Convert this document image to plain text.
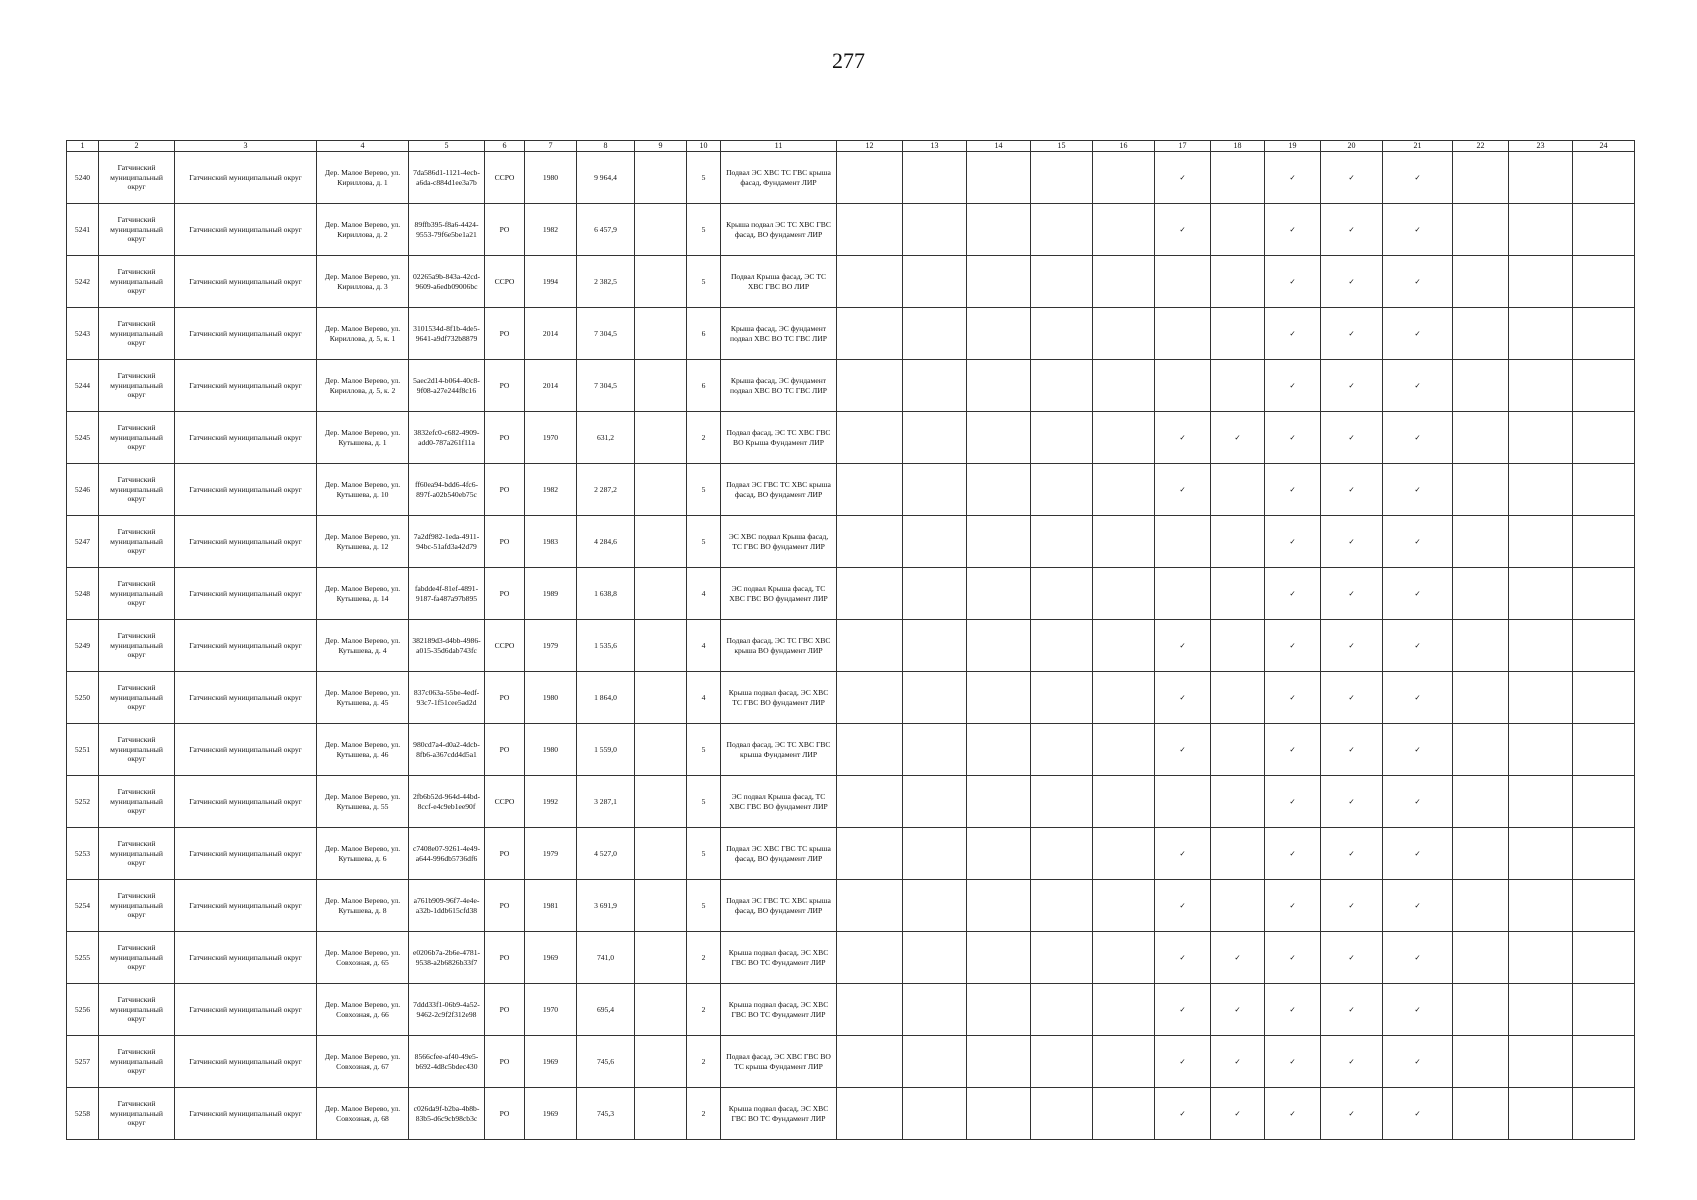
277
1	2	3	4	5	6	7	8	9	10	11	12	13	14	15	16	17	18	19	20	21	22	23	24
5240	Гатчинский муниципальный округ	Гатчинский муниципальный округ	Дер. Малое Верево, ул. Кириллова, д. 1	7da586d1-1121-4ecb-a6da-c884d1ee3a7b	СCPO	1980	9 964,4		5	Подвал ЭС ХВС ТС ГВС крыша фасад, Фундамент ЛИР						✓		✓	✓	✓			
5241	Гатчинский муниципальный округ	Гатчинский муниципальный округ	Дер. Малое Верево, ул. Кириллова, д. 2	89ffb395-f8a6-4424-9553-79f6e5be1a21	РО	1982	6 457,9		5	Крыша подвал ЭС ТС ХВС ГВС фасад, ВО фундамент ЛИР						✓		✓	✓	✓			
5242	Гатчинский муниципальный округ	Гатчинский муниципальный округ	Дер. Малое Верево, ул. Кириллова, д. 3	02265a9b-843a-42cd-9609-a6edb09006bc	СCPO	1994	2 382,5		5	Подвал Крыша фасад, ЭС ТС ХВС ГВС ВО ЛИР								✓	✓	✓			
5243	Гатчинский муниципальный округ	Гатчинский муниципальный округ	Дер. Малое Верево, ул. Кириллова, д. 5, к. 1	3101534d-8f1b-4de5-9641-a9df732b8879	РО	2014	7 304,5		6	Крыша фасад, ЭС фундамент подвал ХВС ВО ТС ГВС ЛИР								✓	✓	✓			
5244	Гатчинский муниципальный округ	Гатчинский муниципальный округ	Дер. Малое Верево, ул. Кириллова, д. 5, к. 2	5aec2d14-b064-40c8-9f08-a27e244f8c16	РО	2014	7 304,5		6	Крыша фасад, ЭС фундамент подвал ХВС ВО ТС ГВС ЛИР								✓	✓	✓			
5245	Гатчинский муниципальный округ	Гатчинский муниципальный округ	Дер. Малое Верево, ул. Кутышева, д. 1	3832efc0-c682-4909-add0-787a261f11a	РО	1970	631,2		2	Подвал фасад, ЭС ТС ХВС ГВС ВО Крыша Фундамент ЛИР						✓	✓	✓	✓	✓			
5246	Гатчинский муниципальный округ	Гатчинский муниципальный округ	Дер. Малое Верево, ул. Кутышева, д. 10	ff60ea94-bdd6-4fc6-897f-a02b540eb75c	РО	1982	2 287,2		5	Подвал ЭС ГВС ТС ХВС крыша фасад, ВО фундамент ЛИР						✓		✓	✓	✓			
5247	Гатчинский муниципальный округ	Гатчинский муниципальный округ	Дер. Малое Верево, ул. Кутышева, д. 12	7a2df982-1eda-4911-94bc-51afd3a42d79	РО	1983	4 284,6		5	ЭС ХВС подвал Крыша фасад, ТС ГВС ВО фундамент ЛИР								✓	✓	✓			
5248	Гатчинский муниципальный округ	Гатчинский муниципальный округ	Дер. Малое Верево, ул. Кутышева, д. 14	fabdde4f-81ef-4891-9187-fa487a97b895	РО	1989	1 638,8		4	ЭС подвал Крыша фасад, ТС ХВС ГВС ВО фундамент ЛИР								✓	✓	✓			
5249	Гатчинский муниципальный округ	Гатчинский муниципальный округ	Дер. Малое Верево, ул. Кутышева, д. 4	382189d3-d4bb-4986-a015-35d6dab743fc	СCPO	1979	1 535,6		4	Подвал фасад, ЭС ТС ГВС ХВС крыша ВО фундамент ЛИР						✓		✓	✓	✓			
5250	Гатчинский муниципальный округ	Гатчинский муниципальный округ	Дер. Малое Верево, ул. Кутышева, д. 45	837c063a-55be-4edf-93c7-1f51cee5ad2d	РО	1980	1 864,0		4	Крыша подвал фасад, ЭС ХВС ТС ГВС ВО фундамент ЛИР						✓		✓	✓	✓			
5251	Гатчинский муниципальный округ	Гатчинский муниципальный округ	Дер. Малое Верево, ул. Кутышева, д. 46	980cd7a4-d0a2-4dcb-8fb6-a367cdd4d5a1	РО	1980	1 559,0		5	Подвал фасад, ЭС ТС ХВС ГВС крыша Фундамент ЛИР						✓		✓	✓	✓			
5252	Гатчинский муниципальный округ	Гатчинский муниципальный округ	Дер. Малое Верево, ул. Кутышева, д. 55	2fb6b52d-964d-44bd-8ccf-e4c9eb1ee90f	СCPO	1992	3 287,1		5	ЭС подвал Крыша фасад, ТС ХВС ГВС ВО фундамент ЛИР								✓	✓	✓			
5253	Гатчинский муниципальный округ	Гатчинский муниципальный округ	Дер. Малое Верево, ул. Кутышева, д. 6	c7408e07-9261-4e49-a644-996db5736df6	РО	1979	4 527,0		5	Подвал ЭС ХВС ГВС ТС крыша фасад, ВО фундамент ЛИР						✓		✓	✓	✓			
5254	Гатчинский муниципальный округ	Гатчинский муниципальный округ	Дер. Малое Верево, ул. Кутышева, д. 8	a761b909-96f7-4e4e-a32b-1ddb615cfd38	РО	1981	3 691,9		5	Подвал ЭС ГВС ТС ХВС крыша фасад, ВО фундамент ЛИР						✓		✓	✓	✓			
5255	Гатчинский муниципальный округ	Гатчинский муниципальный округ	Дер. Малое Верево, ул. Совхозная, д. 65	e0206b7a-2b6e-4781-9538-a2b6826b33f7	РО	1969	741,0		2	Крыша подвал фасад, ЭС ХВС ГВС ВО ТС Фундамент ЛИР						✓	✓	✓	✓	✓			
5256	Гатчинский муниципальный округ	Гатчинский муниципальный округ	Дер. Малое Верево, ул. Совхозная, д. 66	7ddd33f1-06b9-4a52-9462-2c9f2f312e98	РО	1970	695,4		2	Крыша подвал фасад, ЭС ХВС ГВС ВО ТС Фундамент ЛИР						✓	✓	✓	✓	✓			
5257	Гатчинский муниципальный округ	Гатчинский муниципальный округ	Дер. Малое Верево, ул. Совхозная, д. 67	8566cfee-af40-49e5-b692-4d8c5bdec430	РО	1969	745,6		2	Подвал фасад, ЭС ХВС ГВС ВО ТС крыша Фундамент ЛИР						✓	✓	✓	✓	✓			
5258	Гатчинский муниципальный округ	Гатчинский муниципальный округ	Дер. Малое Верево, ул. Совхозная, д. 68	c026da9f-b2ba-4b8b-83b5-d6c9cb98cb3c	РО	1969	745,3		2	Крыша подвал фасад, ЭС ХВС ГВС ВО ТС Фундамент ЛИР						✓	✓	✓	✓	✓			
